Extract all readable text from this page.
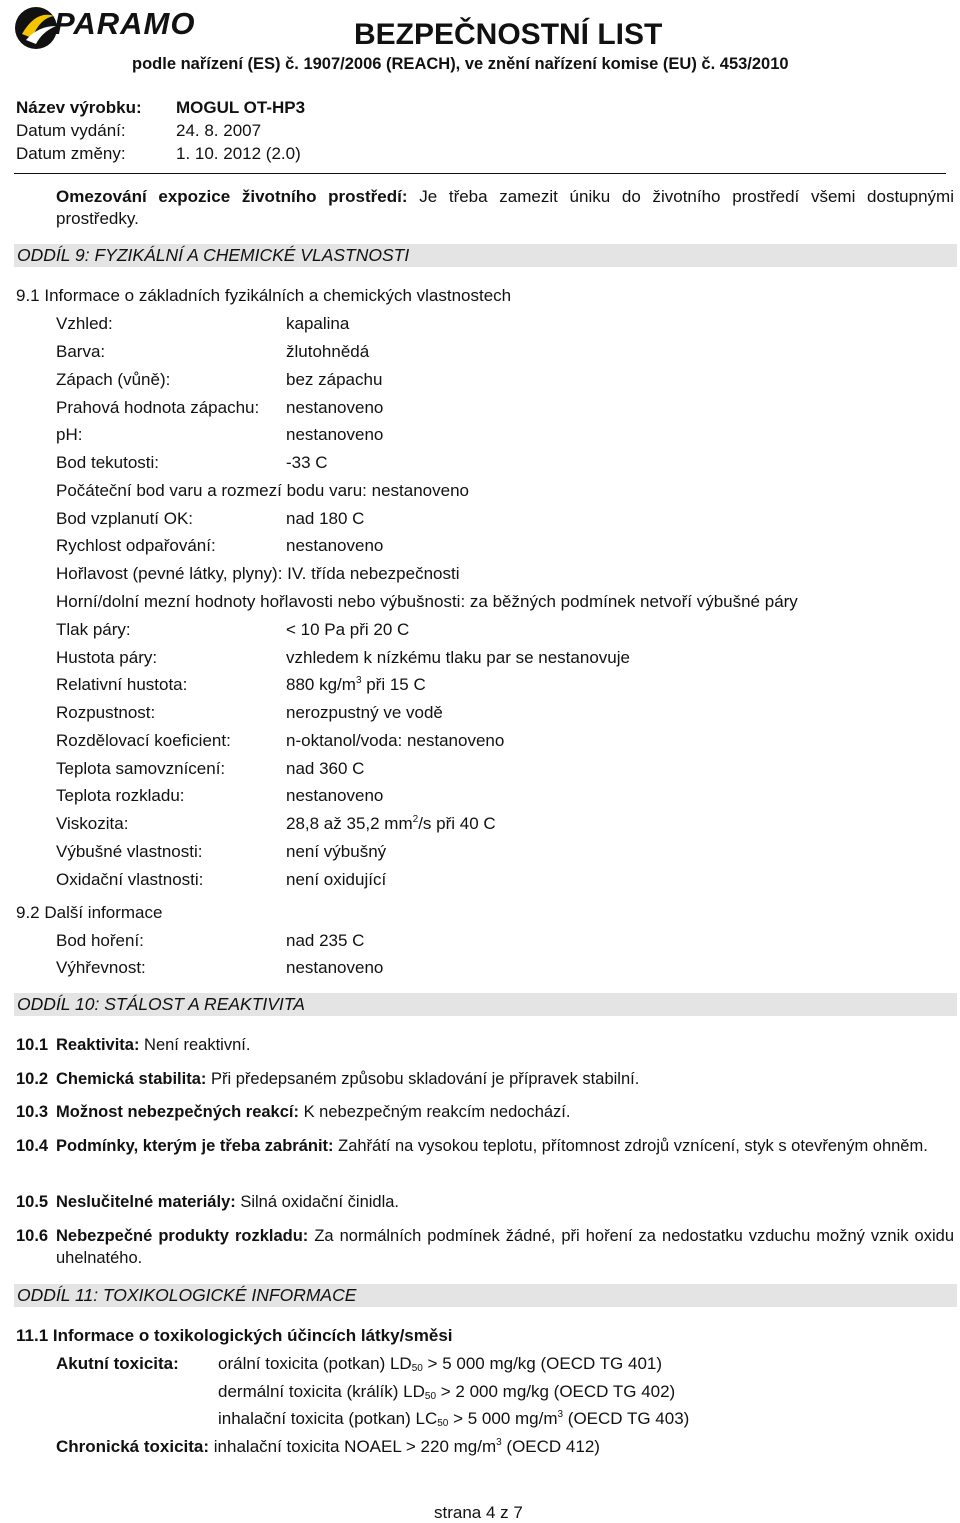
PARAMO	BEZPEČNOSTNÍ LIST
podle nařízení (ES) č. 1907/2006 (REACH), ve znění nařízení komise (EU) č. 453/2010
Název výrobku: MOGUL OT-HP3
Datum vydání:	24. 8. 2007
Datum změny:	1. 10. 2012 (2.0)
Omezování expozice životního prostředí: Je třeba zamezit úniku do životního prostředí všemi dostupnými prostředky.
ODDÍL 9: FYZIKÁLNÍ A CHEMICKÉ VLASTNOSTI
9.1 Informace o základních fyzikálních a chemických vlastnostech
Vzhled:	kapalina
Barva:	žlutohnědá
Zápach (vůně):	bez zápachu
Prahová hodnota zápachu: nestanoveno
pH:	nestanoveno
Bod tekutosti:	-33 C
Počáteční bod varu a rozmezí bodu varu: nestanoveno
Bod vzplanutí OK:	nad 180 C
Rychlost odpařování:	nestanoveno
Hořlavost (pevné látky, plyny): IV. třída nebezpečnosti
Horní/dolní mezní hodnoty hořlavosti nebo výbušnosti: za běžných podmínek netvoří výbušné páry
Tlak páry:	< 10 Pa při 20 C
Hustota páry:	vzhledem k nízkému tlaku par se nestanovuje
Relativní hustota:	880 $kg/m^3$ při 15 C
Rozpustnost:	nerozpustný ve vodě
Rozdělovací koeficient:	n-oktanol/voda: nestanoveno
Teplota samovznícení:	nad 360 C
Teplota rozkladu:	nestanoveno
Viskozita:	28,8 až 35,2 $mm^2/s$ při 40 C
Výbušné vlastnosti:	není výbušný
Oxidační vlastnosti:	není oxidující
9.2 Další informace
Bod hoření:	nad 235 C
Výhřevnost:	nestanoveno
ODDÍL 10: STÁLOST A REAKTIVITA
10.1 Reaktivita: Není reaktivní.
10.2 Chemická stabilita: Při předepsaném způsobu skladování je přípravek stabilní.
10.3 Možnost nebezpečných reakcí: K nebezpečným reakcím nedochází.
10.4 Podmínky, kterým je třeba zabránit: Zahřátí na vysokou teplotu, přítomnost zdrojů vznícení, styk s otevřeným ohněm.
10.5 Neslučitelné materiály: Silná oxidační činidla.
10.6 Nebezpečné produkty rozkladu: Za normálních podmínek žádné, při hoření za nedostatku vzduchu možný vznik oxidu uhelnatého.
ODDÍL 11: TOXIKOLOGICKÉ INFORMACE
11.1 Informace o toxikologických účincích látky/směsi
Akutní toxicita: orální toxicita (potkan) $LD_{50} > 5$ 000 mg/kg (OECD TG 401)
dermální toxicita (králík) $LD_{50} > 2$ 000 mg/kg (OECD TG 402)
inhalační toxicita (potkan) $LC_{50} > 5$ 000 $mg/m^3$ (OECD TG 403)
Chronická toxicita: inhalační toxicita NOAEL > 220 $mg/m^3$ (OECD 412)
strana 4 z 7
